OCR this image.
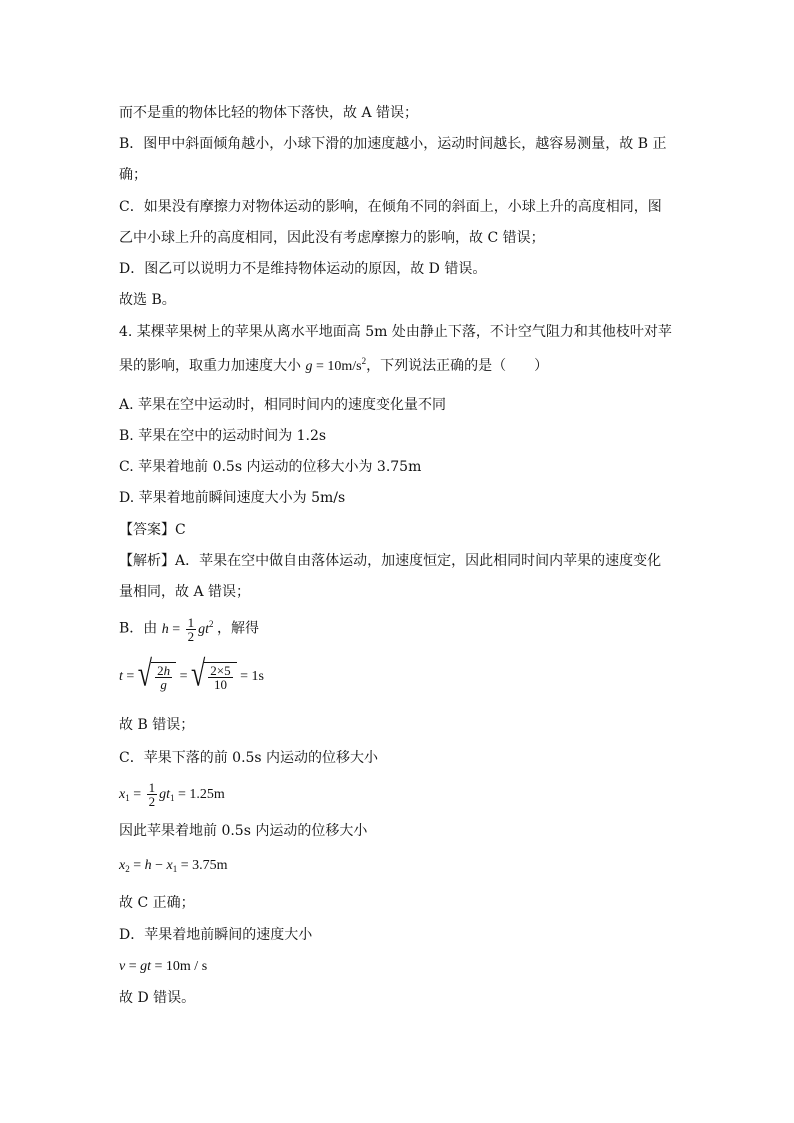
而不是重的物体比轻的物体下落快，故 A 错误；
B．图甲中斜面倾角越小，小球下滑的加速度越小，运动时间越长，越容易测量，故 B 正
确；
C．如果没有摩擦力对物体运动的影响，在倾角不同的斜面上，小球上升的高度相同，图
乙中小球上升的高度相同，因此没有考虑摩擦力的影响，故 C 错误；
D．图乙可以说明力不是维持物体运动的原因，故 D 错误。
故选 B。
4. 某棵苹果树上的苹果从离水平地面高 5m 处由静止下落，不计空气阻力和其他枝叶对苹
果的影响，取重力加速度大小 $g = 10m/s^2$，下列说法正确的是（　　）
A. 苹果在空中运动时，相同时间内的速度变化量不同
B. 苹果在空中的运动时间为 1.2s
C. 苹果着地前 0.5s 内运动的位移大小为 3.75m
D. 苹果着地前瞬间速度大小为 5m/s
【答案】C
【解析】A．苹果在空中做自由落体运动，加速度恒定，因此相同时间内苹果的速度变化
量相同，故 A 错误；
B．由 $h = \frac{1}{2} gt^2$ ，解得
t = √ $\frac{2h}{g}$ = √ $\frac{2\times 5}{10} = 1s$
故 B 错误；
C．苹果下落的前 0.5s 内运动的位移大小
$x_1 = \frac{1}{2} gt_1 = 1.25m$
因此苹果着地前 0.5s 内运动的位移大小
$x_2 = h - x_1 = 3.75m$
故 C 正确；
D．苹果着地前瞬间的速度大小
v = gt = 10m / s
故 D 错误。
